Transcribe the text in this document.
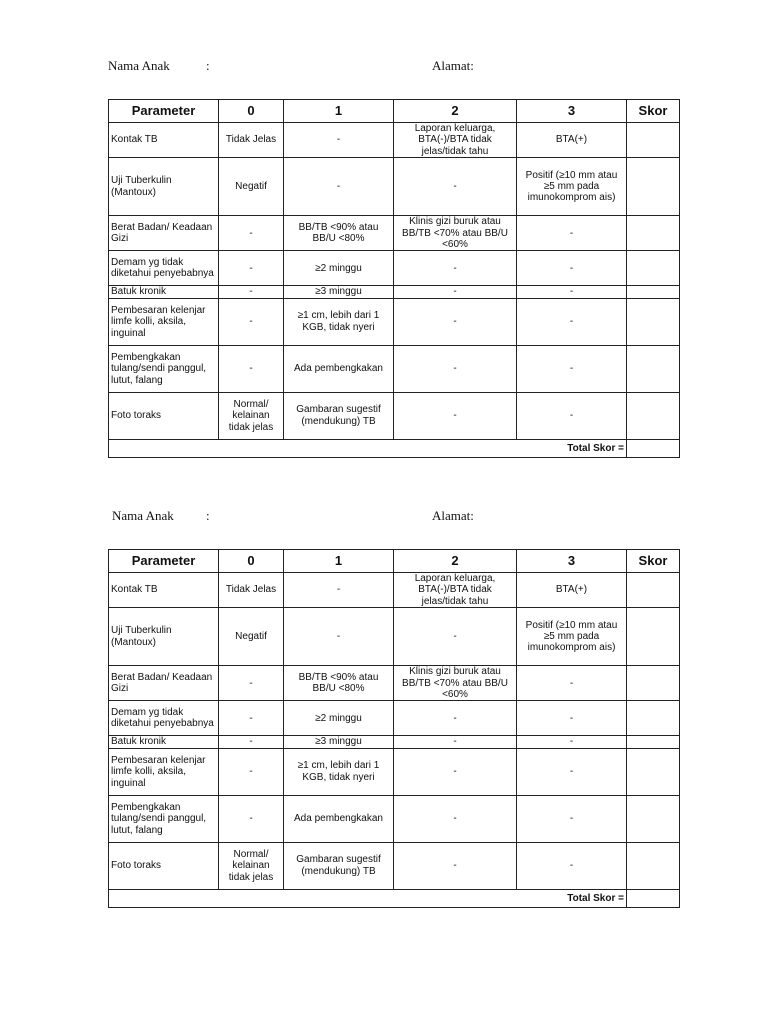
Nama Anak	:	Alamat:
Parameter	0	1	2	3	Skor
Kontak TB	Tidak Jelas	-	Laporan keluarga, BTA(-)/BTA tidak jelas/tidak tahu	BTA(+)	
Uji Tuberkulin (Mantoux)	Negatif	-	-	Positif (≥10 mm atau ≥5 mm pada imunokomprom ais)	
Berat Badan/ Keadaan Gizi	-	BB/TB <90% atau BB/U <80%	Klinis gizi buruk atau BB/TB <70% atau BB/U <60%	-	
Demam yg tidak diketahui penyebabnya	-	≥2 minggu	-	-	
Batuk kronik	-	≥3 minggu	-	-	
Pembesaran kelenjar limfe kolli, aksila, inguinal	-	≥1 cm, lebih dari 1 KGB, tidak nyeri	-	-	
Pembengkakan tulang/sendi panggul, lutut, falang	-	Ada pembengkakan	-	-	
Foto toraks	Normal/ kelainan tidak jelas	Gambaran sugestif (mendukung) TB	-	-	
Total Skor =					
Nama Anak :	Alamat:
Parameter	0	1	2	3	Skor
Kontak TB	Tidak Jelas	-	Laporan keluarga, BTA(-)/BTA tidak jelas/tidak tahu	BTA(+)	
Uji Tuberkulin (Mantoux)	Negatif	-	-	Positif (≥10 mm atau ≥5 mm pada imunokomprom ais)	
Berat Badan/ Keadaan Gizi	-	BB/TB <90% atau BB/U <80%	Klinis gizi buruk atau BB/TB <70% atau BB/U <60%	-	
Demam yg tidak diketahui penyebabnya	-	≥2 minggu	-	-	
Batuk kronik	-	≥3 minggu	-	-	
Pembesaran kelenjar limfe kolli, aksila, inguinal	-	≥1 cm, lebih dari 1 KGB, tidak nyeri	-	-	
Pembengkakan tulang/sendi panggul, lutut, falang	-	Ada pembengkakan	-	-	
Foto toraks	Normal/ kelainan tidak jelas	Gambaran sugestif (mendukung) TB	-	-	
Total Skor =					
